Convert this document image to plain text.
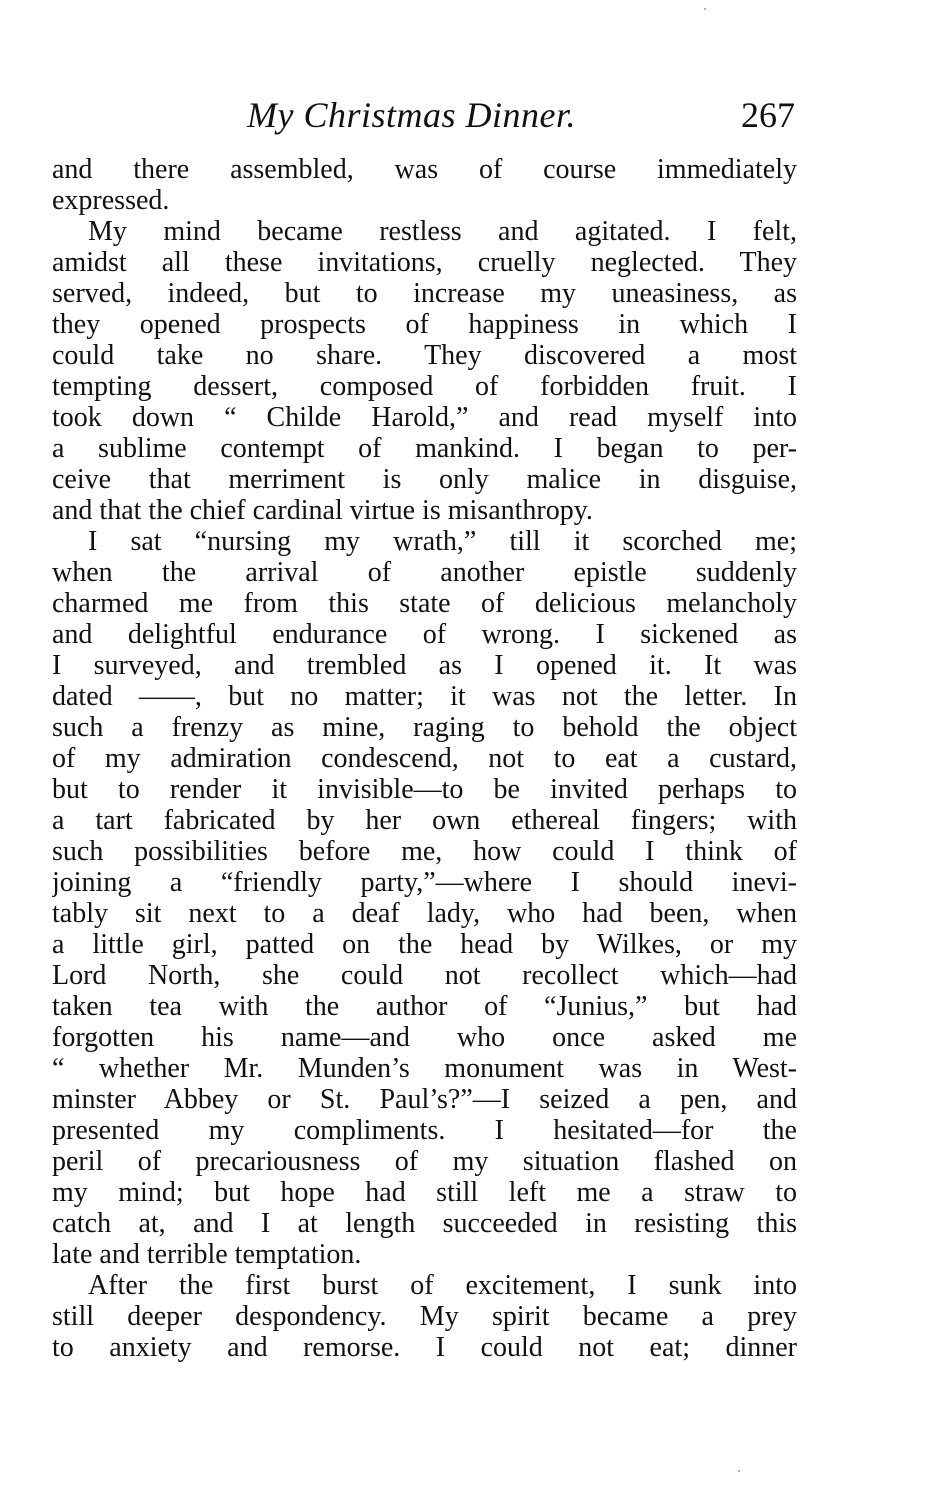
My Christmas Dinner.	267
and there assembled, was of course immediately
expressed.
My mind became restless and agitated. I felt,
amidst all these invitations, cruelly neglected. They
served, indeed, but to increase my uneasiness, as
they opened prospects of happiness in which I
could take no share. They discovered a most
tempting dessert, composed of forbidden fruit. I
took down “ Childe Harold,” and read myself into
a sublime contempt of mankind. I began to per-
ceive that merriment is only malice in disguise,
and that the chief cardinal virtue is misanthropy.
I sat “nursing my wrath,” till it scorched me;
when the arrival of another epistle suddenly
charmed me from this state of delicious melancholy
and delightful endurance of wrong. I sickened as
I surveyed, and trembled as I opened it. It was
dated ——, but no matter; it was not the letter. In
such a frenzy as mine, raging to behold the object
of my admiration condescend, not to eat a custard,
but to render it invisible—to be invited perhaps to
a tart fabricated by her own ethereal fingers; with
such possibilities before me, how could I think of
joining a “friendly party,”—where I should inevi-
tably sit next to a deaf lady, who had been, when
a little girl, patted on the head by Wilkes, or my
Lord North, she could not recollect which—had
taken tea with the author of “Junius,” but had
forgotten his name—and who once asked me
“ whether Mr. Munden’s monument was in West-
minster Abbey or St. Paul’s?”—I seized a pen, and
presented my compliments. I hesitated—for the
peril of precariousness of my situation flashed on
my mind; but hope had still left me a straw to
catch at, and I at length succeeded in resisting this
late and terrible temptation.
After the first burst of excitement, I sunk into
still deeper despondency. My spirit became a prey
to anxiety and remorse. I could not eat; dinner
